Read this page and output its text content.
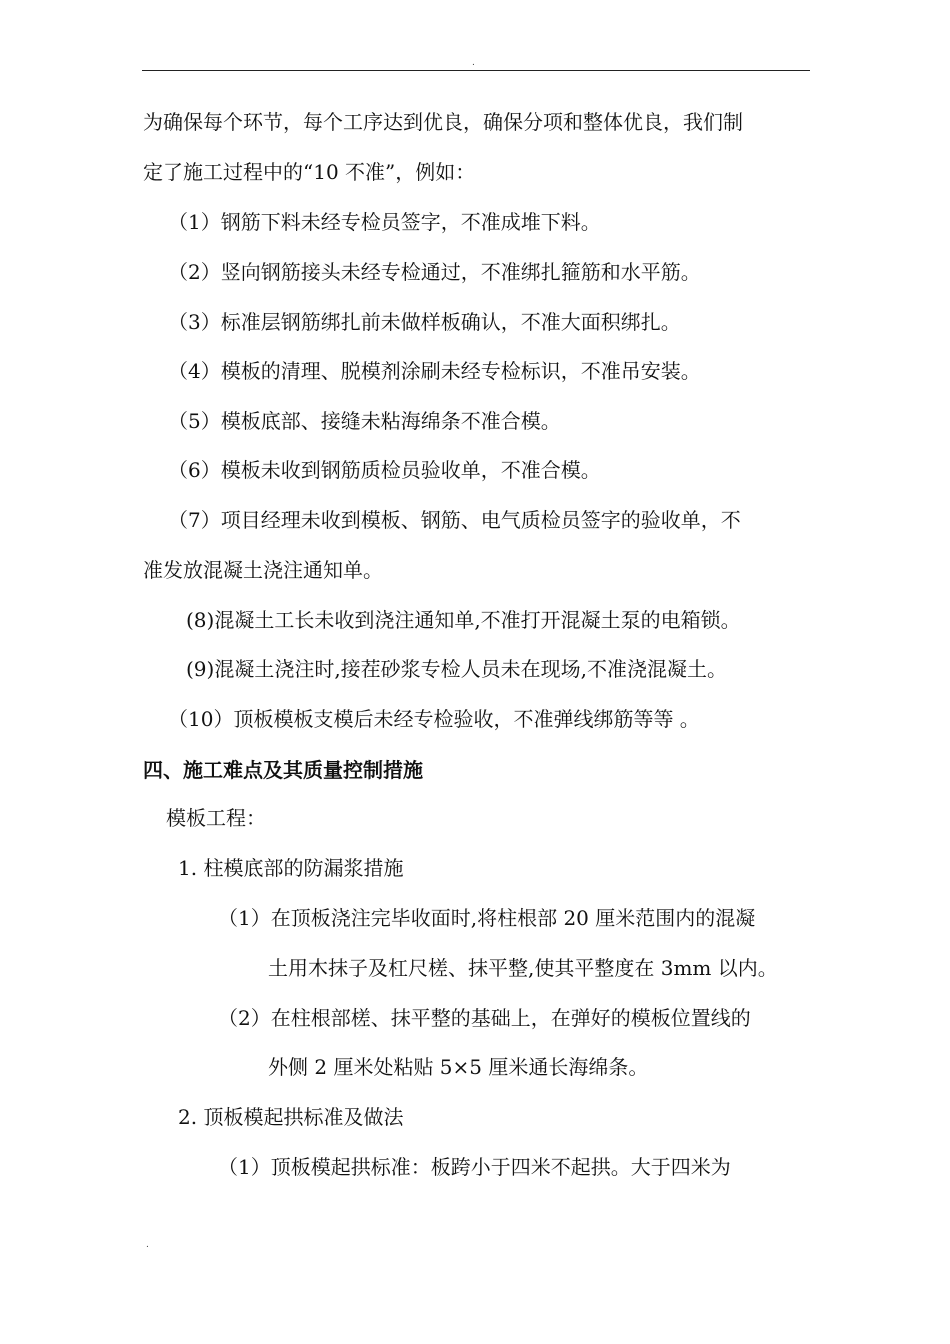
.
为确保每个环节，每个工序达到优良，确保分项和整体优良，我们制
定了施工过程中的“10 不准”，例如：
（1）钢筋下料未经专检员签字，不准成堆下料。
（2）竖向钢筋接头未经专检通过，不准绑扎箍筋和水平筋。
（3）标准层钢筋绑扎前未做样板确认，不准大面积绑扎。
（4）模板的清理、脱模剂涂刷未经专检标识，不准吊安装。
（5）模板底部、接缝未粘海绵条不准合模。
（6）模板未收到钢筋质检员验收单，不准合模。
（7）项目经理未收到模板、钢筋、电气质检员签字的验收单，不
准发放混凝土浇注通知单。
(8)混凝土工长未收到浇注通知单,不准打开混凝土泵的电箱锁。
(9)混凝土浇注时,接茬砂浆专检人员未在现场,不准浇混凝土。
（10）顶板模板支模后未经专检验收，不准弹线绑筋等等 。
四、施工难点及其质量控制措施
模板工程：
1. 柱模底部的防漏浆措施
（1）在顶板浇注完毕收面时,将柱根部 20 厘米范围内的混凝
土用木抹子及杠尺槎、抹平整,使其平整度在 3mm 以内。
（2）在柱根部槎、抹平整的基础上，在弹好的模板位置线的
外侧 2 厘米处粘贴 5×5 厘米通长海绵条。
2. 顶板模起拱标准及做法
（1）顶板模起拱标准：板跨小于四米不起拱。大于四米为
.
